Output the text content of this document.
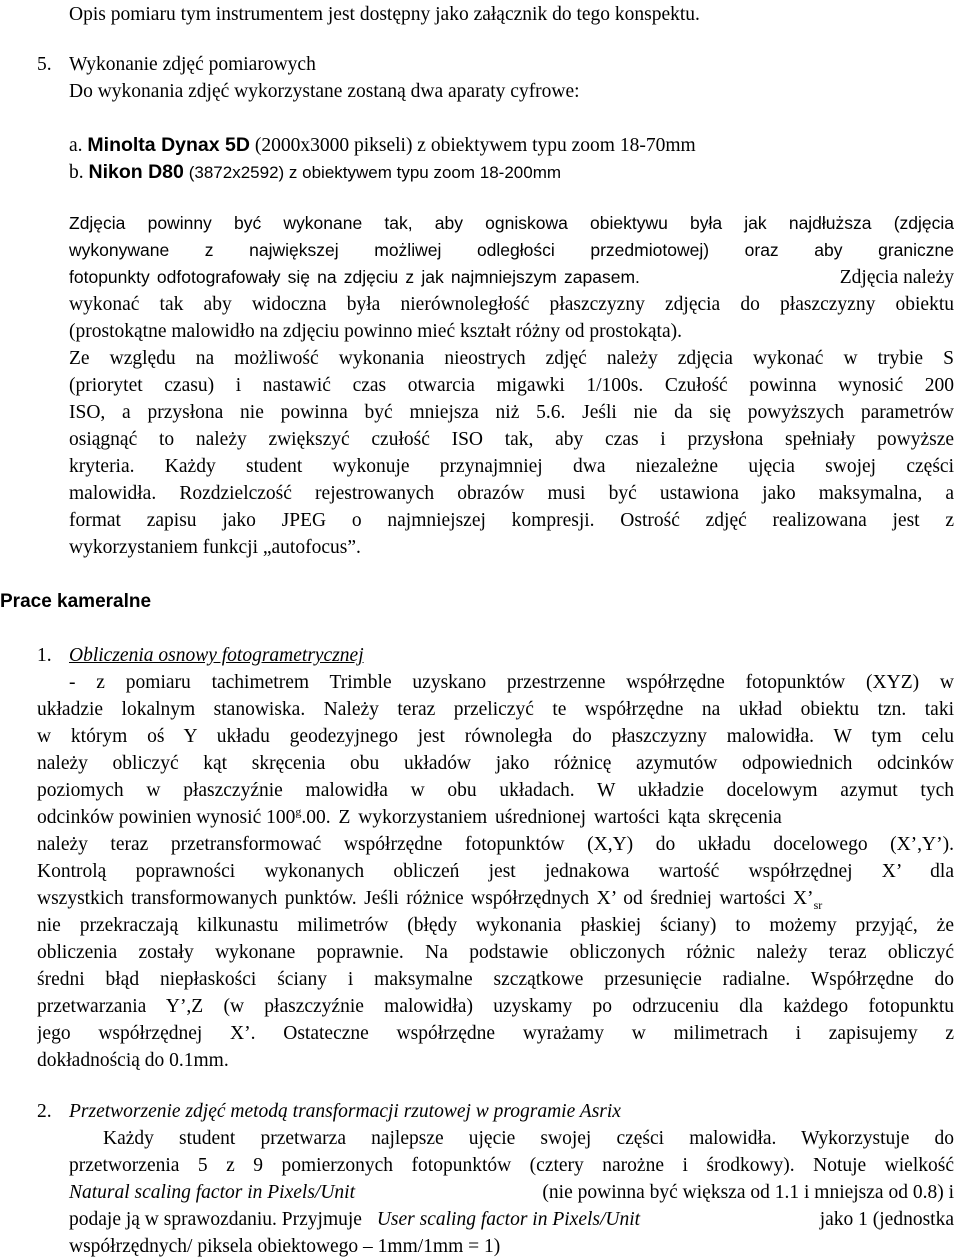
Opis pomiaru tym instrumentem jest dostępny jako załącznik do tego konspektu.
5. Wykonanie zdjęć pomiarowych
Do wykonania zdjęć wykorzystane zostaną dwa aparaty cyfrowe:
a. Minolta Dynax 5D (2000x3000 pikseli) z obiektywem typu zoom 18-70mm
b. Nikon D80 (3872x2592) z obiektywem typu zoom 18-200mm
Zdjęcia powinny być wykonane tak, aby ogniskowa obiektywu była jak najdłuższa (zdjęcia
wykonywane z największej możliwej odległości przedmiotowej) oraz aby graniczne
fotopunkty odfotografowały się na zdjęciu z jak najmniejszym zapasem.	Zdjęcia należy
wykonać tak aby widoczna była nierównoległość płaszczyzny zdjęcia do płaszczyzny obiektu
(prostokątne malowidło na zdjęciu powinno mieć kształt różny od prostokąta).
Ze względu na możliwość wykonania nieostrych zdjęć należy zdjęcia wykonać w trybie S
(priorytet czasu) i nastawić czas otwarcia migawki 1/100s. Czułość powinna wynosić 200
ISO, a przysłona nie powinna być mniejsza niż 5.6. Jeśli nie da się powyższych parametrów
osiągnąć to należy zwiększyć czułość ISO tak, aby czas i przysłona spełniały powyższe
kryteria. Każdy student wykonuje przynajmniej dwa niezależne ujęcia swojej części
malowidła. Rozdzielczość rejestrowanych obrazów musi być ustawiona jako maksymalna, a
format zapisu jako JPEG o najmniejszej kompresji. Ostrość zdjęć realizowana jest z
wykorzystaniem funkcji „autofocus”.
Prace kameralne
1. Obliczenia osnowy fotogrametrycznej
- z pomiaru tachimetrem Trimble uzyskano przestrzenne współrzędne fotopunktów (XYZ) w
układzie lokalnym stanowiska. Należy teraz przeliczyć te współrzędne na układ obiektu tzn. taki
w którym oś Y układu geodezyjnego jest równoległa do płaszczyzny malowidła. W tym celu
należy obliczyć kąt skręcenia obu układów jako różnicę azymutów odpowiednich odcinków
poziomych w płaszczyźnie malowidła w obu układach. W układzie docelowym azymut tych
odcinków powinien wynosić 100$^g$.00. Z wykorzystaniem uśrednionej wartości kąta skręcenia
należy teraz przetransformować współrzędne fotopunktów (X,Y) do układu docelowego (X’,Y’).
Kontrolą poprawności wykonanych obliczeń jest jednakowa wartość współrzędnej X’ dla
wszystkich transformowanych punktów. Jeśli różnice współrzędnych X’ od średniej wartości $X’_{sr}$
nie przekraczają kilkunastu milimetrów (błędy wykonania płaskiej ściany) to możemy przyjąć, że
obliczenia zostały wykonane poprawnie. Na podstawie obliczonych różnic należy teraz obliczyć
średni błąd niepłaskości ściany i maksymalne szczątkowe przesunięcie radialne. Współrzędne do
przetwarzania Y’,Z (w płaszczyźnie malowidła) uzyskamy po odrzuceniu dla każdego fotopunktu
jego współrzędnej X’. Ostateczne współrzędne wyrażamy w milimetrach i zapisujemy z
dokładnością do 0.1mm.
2. Przetworzenie zdjęć metodą transformacji rzutowej w programie Asrix
Każdy student przetwarza najlepsze ujęcie swojej części malowidła. Wykorzystuje do
przetworzenia 5 z 9 pomierzonych fotopunktów (cztery narożne i środkowy). Notuje wielkość
Natural scaling factor in Pixels/Unit	(nie powinna być większa od 1.1 i mniejsza od 0.8) i
podaje ją w sprawozdaniu. Przyjmuje User scaling factor in Pixels/Unit	jako 1 (jednostka
współrzędnych/ piksela obiektowego – 1mm/1mm = 1)
